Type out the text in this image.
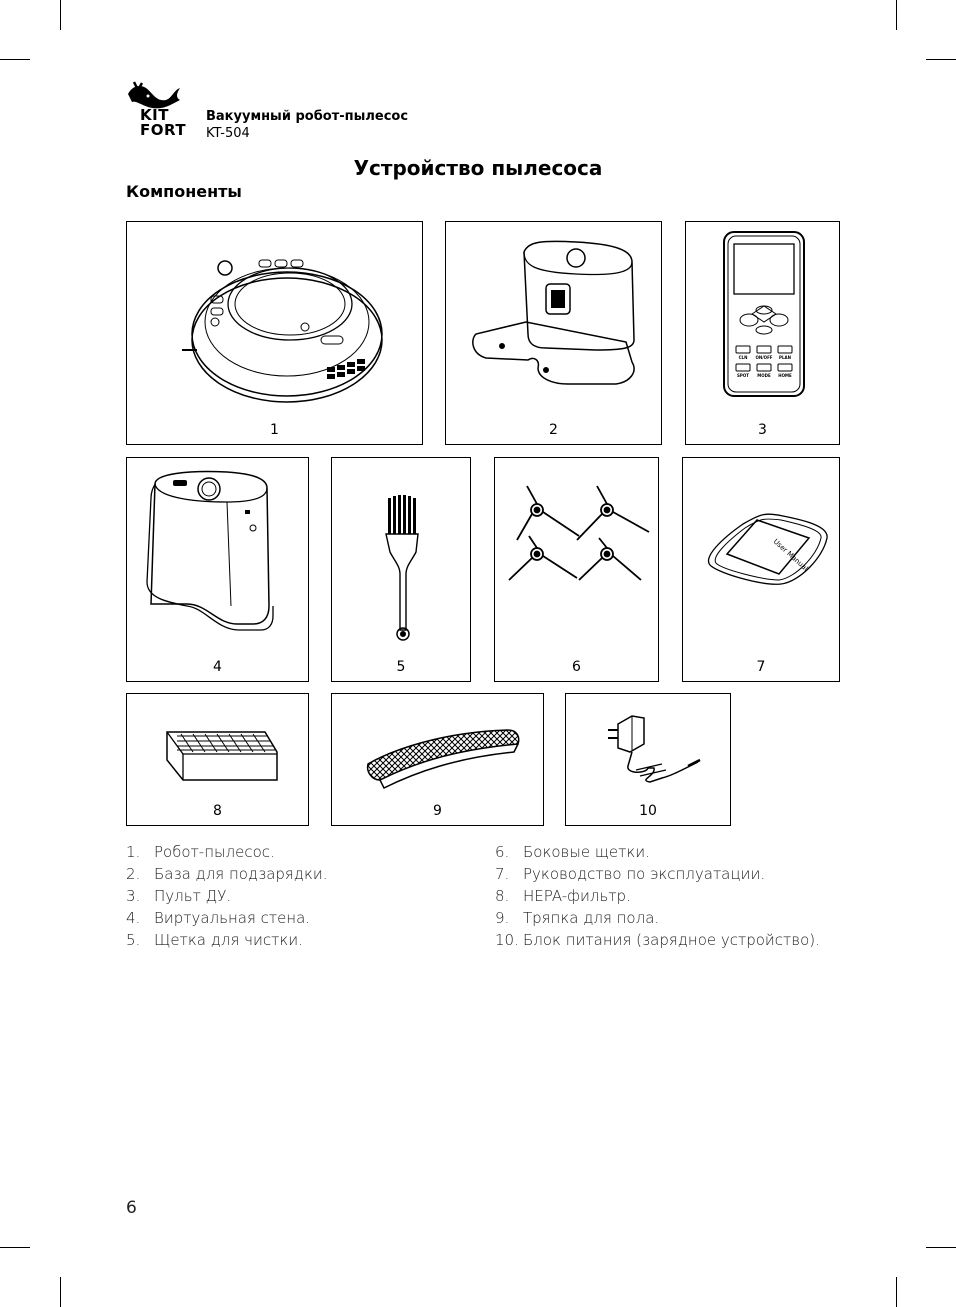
KIT
FORT
Вакуумный робот-пылесос
KT-504
Устройство пылесоса
Компоненты
1	2
CLN ON/OFF PLAN
SPOT MODE HOME
3
4	5	6
User Manual
7
8	9	10
1. Робот-пылесос.
2. База для подзарядки.
3. Пульт ДУ.
4. Виртуальная стена.
5. Щетка для чистки.
6. Боковые щетки.
7. Руководство по эксплуатации.
8. HEPA-фильтр.
9. Тряпка для пола.
10. Блок питания (зарядное устройство).
6
